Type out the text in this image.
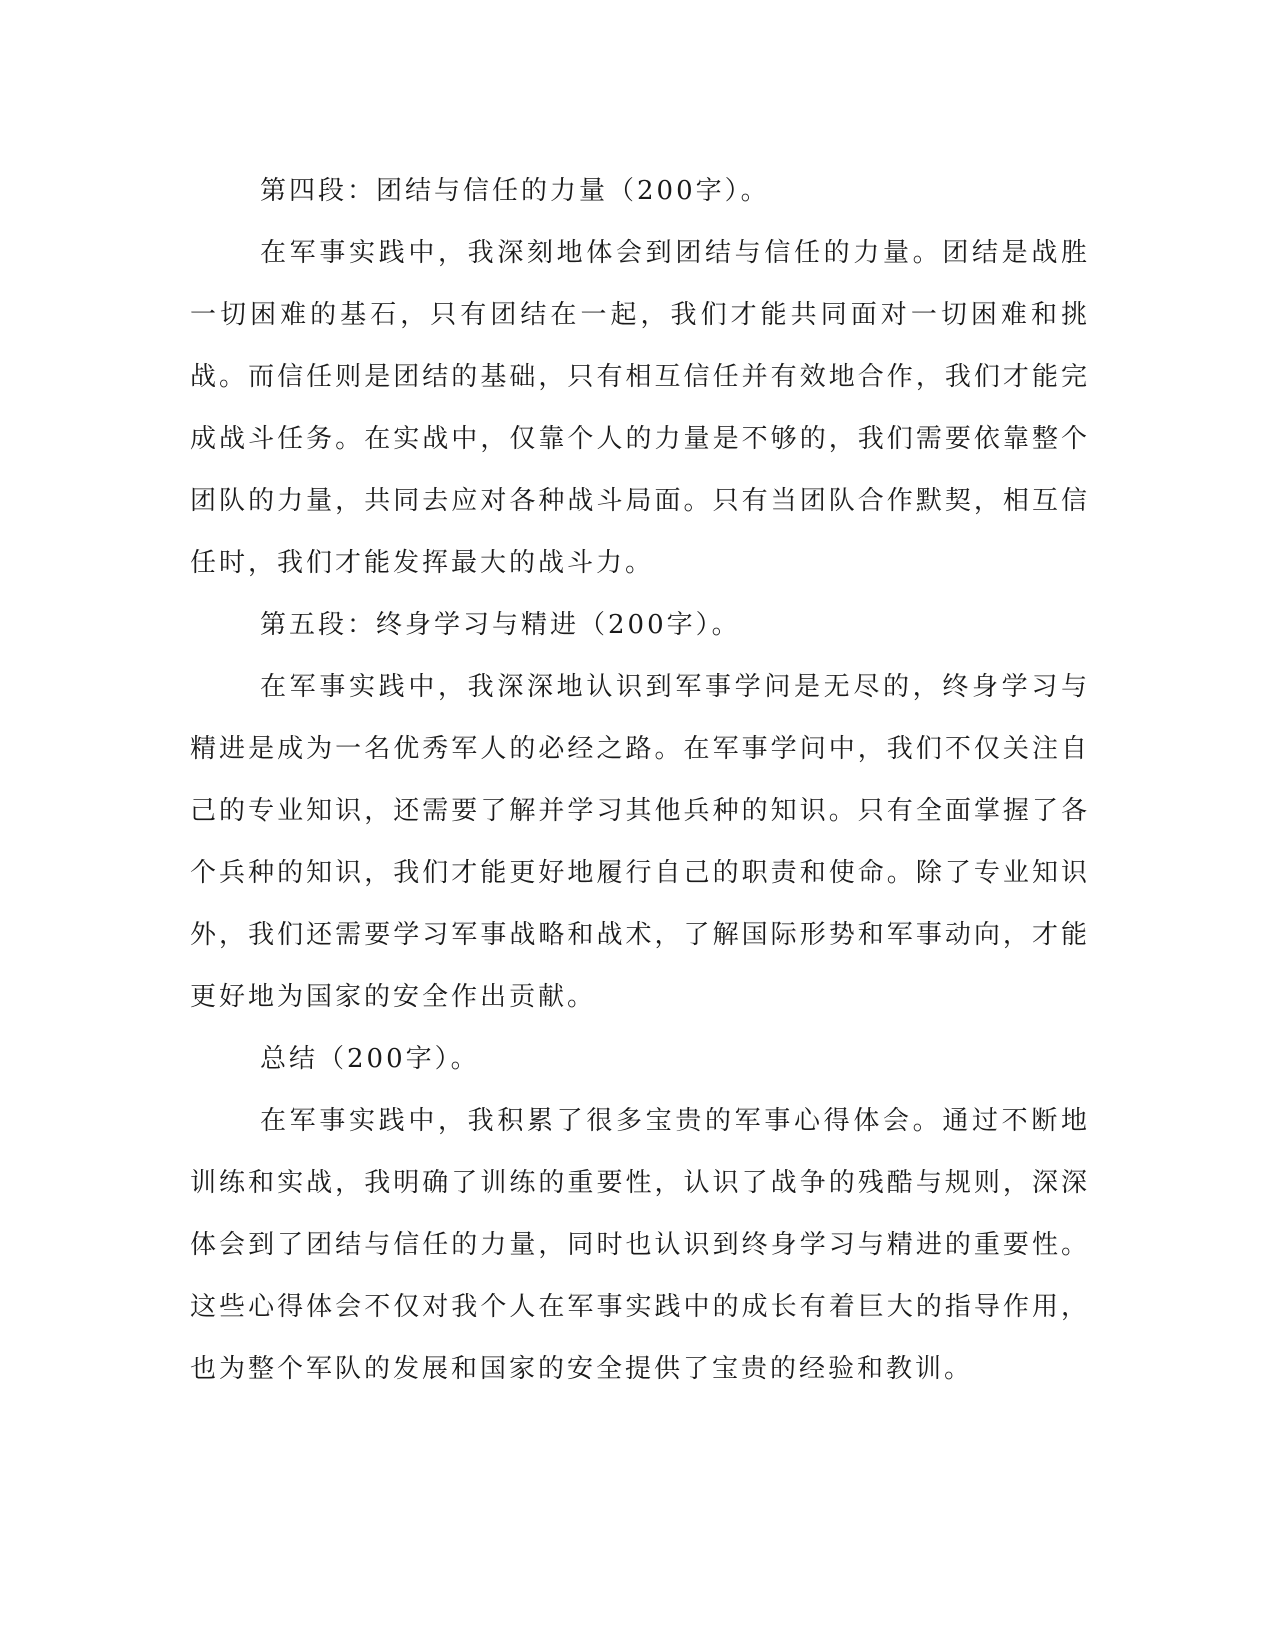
第四段：团结与信任的力量（200字）。

在军事实践中，我深刻地体会到团结与信任的力量。团结是战胜一切困难的基石，只有团结在一起，我们才能共同面对一切困难和挑战。而信任则是团结的基础，只有相互信任并有效地合作，我们才能完成战斗任务。在实战中，仅靠个人的力量是不够的，我们需要依靠整个团队的力量，共同去应对各种战斗局面。只有当团队合作默契，相互信任时，我们才能发挥最大的战斗力。

第五段：终身学习与精进（200字）。

在军事实践中，我深深地认识到军事学问是无尽的，终身学习与精进是成为一名优秀军人的必经之路。在军事学问中，我们不仅关注自己的专业知识，还需要了解并学习其他兵种的知识。只有全面掌握了各个兵种的知识，我们才能更好地履行自己的职责和使命。除了专业知识外，我们还需要学习军事战略和战术，了解国际形势和军事动向，才能更好地为国家的安全作出贡献。

总结（200字）。

在军事实践中，我积累了很多宝贵的军事心得体会。通过不断地训练和实战，我明确了训练的重要性，认识了战争的残酷与规则，深深体会到了团结与信任的力量，同时也认识到终身学习与精进的重要性。这些心得体会不仅对我个人在军事实践中的成长有着巨大的指导作用，也为整个军队的发展和国家的安全提供了宝贵的经验和教训。
